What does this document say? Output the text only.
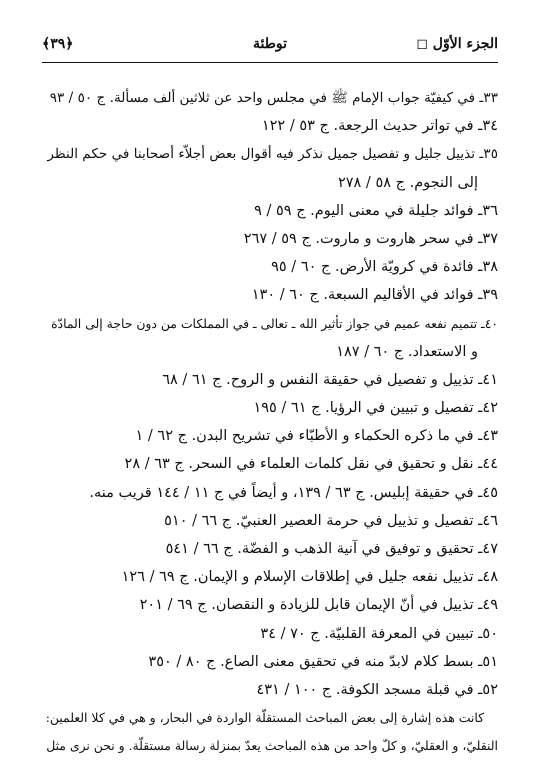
الجزء الأوّل ◻
توطئة
﴿٣٩﴾
٣٣ـ في كيفيّة جواب الإمام ﷺ في مجلس واحد عن ثلاثين ألف مسألة. ج ٥٠ / ٩٣
٣٤ـ في تواتر حديث الرجعة. ج ٥٣ / ١٢٢
٣٥ـ تذييل جليل و تفصيل جميل نذكر فيه أقوال بعض أجلاّء أصحابنا في حكم النظر
إلى النجوم. ج ٥٨ / ٢٧٨
٣٦ـ فوائد جليلة في معنى اليوم. ج ٥٩ / ٩
٣٧ـ في سحر هاروت و ماروت. ج ٥٩ / ٢٦٧
٣٨ـ فائدة في كرويّة الأرض. ج ٦٠ / ٩٥
٣٩ـ فوائد في الأقاليم السبعة. ج ٦٠ / ١٣٠
٤٠ـ تتميم نفعه عميم في جواز تأثير الله ـ تعالى ـ في المملكات من دون حاجة إلى المادّة
و الاستعداد. ج ٦٠ / ١٨٧
٤١ـ تذييل و تفصيل في حقيقة النفس و الروح. ج ٦١ / ٦٨
٤٢ـ تفصيل و تبيين في الرؤيا. ج ٦١ / ١٩٥
٤٣ـ في ما ذكره الحكماء و الأطبّاء في تشريح البدن. ج ٦٢ / ١
٤٤ـ نقل و تحقيق في نقل كلمات العلماء في السحر. ج ٦٣ / ٢٨
٤٥ـ في حقيقة إبليس. ج ٦٣ / ١٣٩، و أيضاً في ج ١١ / ١٤٤ قريب منه.
٤٦ـ تفصيل و تذييل في حرمة العصير العنبيّ. ج ٦٦ / ٥١٠
٤٧ـ تحقيق و توفيق في آنية الذهب و الفضّة. ج ٦٦ / ٥٤١
٤٨ـ تذييل نفعه جليل في إطلاقات الإسلام و الإيمان. ج ٦٩ / ١٢٦
٤٩ـ تذييل في أنّ الإيمان قابل للزيادة و النقصان. ج ٦٩ / ٢٠١
٥٠ـ تبيين في المعرفة القلبيّة. ج ٧٠ / ٣٤
٥١ـ بسط كلام لابدّ منه في تحقيق معنى الصاع. ج ٨٠ / ٣٥٠
٥٢ـ في قبلة مسجد الكوفة. ج ١٠٠ / ٤٣١
كانت هذه إشارة إلى بعض المباحث المستقلّة الواردة في البحار، و هي في كلا العلمين:
النقليّ، و العقليّ، و كلّ واحد من هذه المباحث يعدّ بمنزلة رسالة مستقلّة. و نحن نرى مثل
